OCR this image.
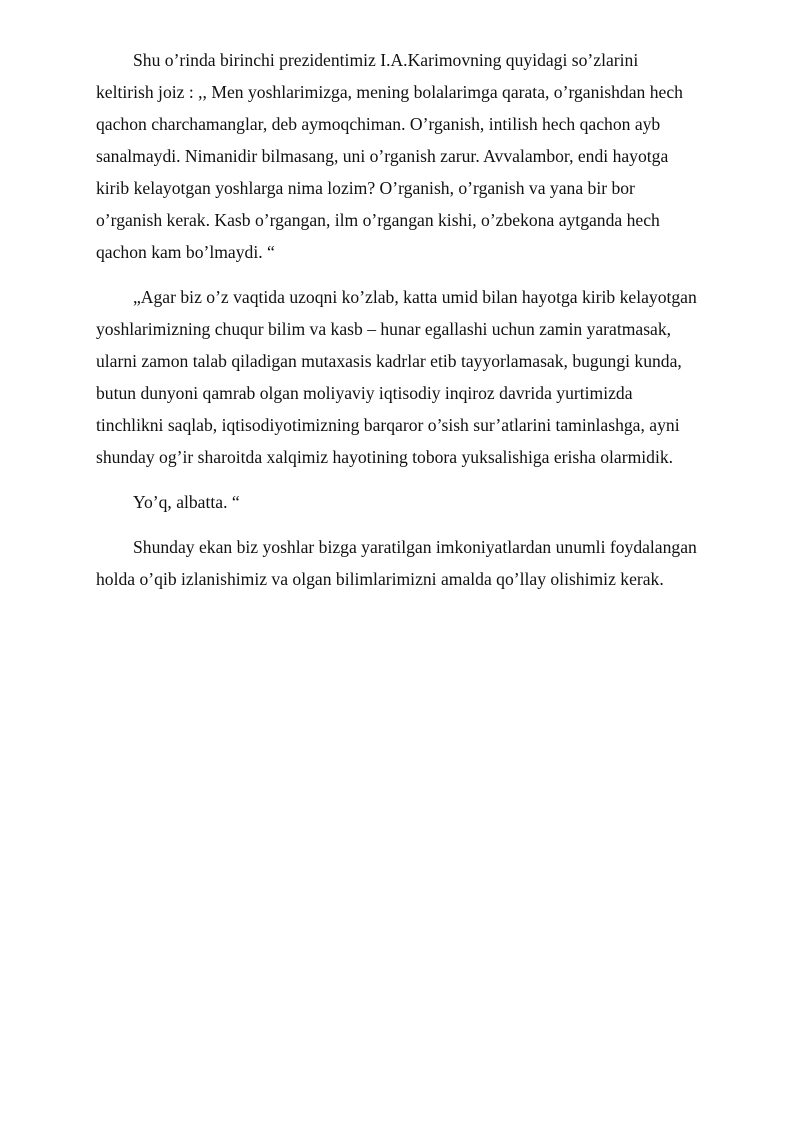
Shu o’rinda birinchi prezidentimiz I.A.Karimovning quyidagi so’zlarini
keltirish joiz : ,, Men yoshlarimizga, mening bolalarimga qarata, o’rganishdan hech
qachon charchamanglar, deb aymoqchiman. O’rganish, intilish hech qachon ayb
sanalmaydi. Nimanidir bilmasang, uni o’rganish zarur. Avvalambor, endi hayotga
kirib kelayotgan yoshlarga nima lozim? O’rganish, o’rganish va yana bir bor
o’rganish kerak. Kasb o’rgangan, ilm o’rgangan kishi, o’zbekona aytganda hech
qachon kam bo’lmaydi. “
„Agar biz o’z vaqtida uzoqni ko’zlab, katta umid bilan hayotga kirib kelayotgan
yoshlarimizning chuqur bilim va kasb – hunar egallashi uchun zamin yaratmasak,
ularni zamon talab qiladigan mutaxasis kadrlar etib tayyorlamasak, bugungi kunda,
butun dunyoni qamrab olgan moliyaviy iqtisodiy inqiroz davrida yurtimizda
tinchlikni saqlab, iqtisodiyotimizning barqaror o’sish sur’atlarini taminlashga, ayni
shunday og’ir sharoitda xalqimiz hayotining tobora yuksalishiga erisha olarmidik.
Yo’q, albatta. “
Shunday ekan biz yoshlar bizga yaratilgan imkoniyatlardan unumli foydalangan
holda o’qib izlanishimiz va olgan bilimlarimizni amalda qo’llay olishimiz kerak.
